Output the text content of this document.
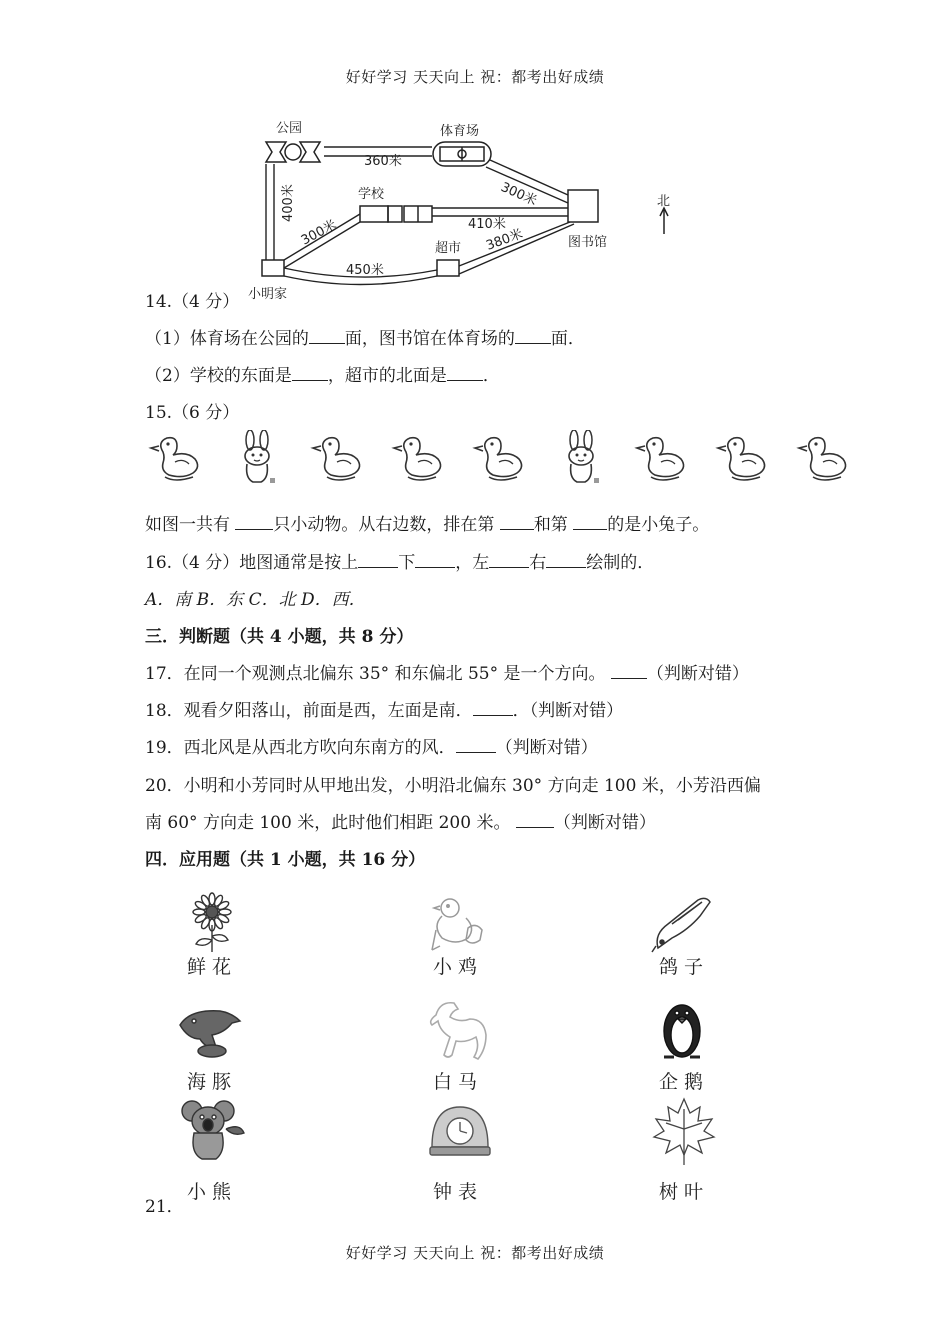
好好学习 天天向上 祝：都考出好成绩
公园	体育场
学校
图书馆
超市
小明家
360米
300米
400米
300米	410米
380米
450米
北
14.（4 分）
（1）体育场在公园的 面，图书馆在体育场的 面．
（2）学校的东面是 ，超市的北面是 ．
15.（6 分）
如图一共有 只小动物。从右边数，排在第 和第 的是小兔子。
16.（4 分）地图通常是按上 下 ，左 右 绘制的．
A．南 B．东 C．北 D．西．
三．判断题（共 4 小题，共 8 分）
17．在同一个观测点北偏东 35° 和东偏北 55° 是一个方向。 （判断对错）
18．观看夕阳落山，前面是西，左面是南． ．（判断对错）
19．西北风是从西北方吹向东南方的风． （判断对错）
20．小明和小芳同时从甲地出发，小明沿北偏东 30° 方向走 100 米，小芳沿西偏
南 60° 方向走 100 米，此时他们相距 200 米。	（判断对错）
四．应用题（共 1 小题，共 16 分）
鲜花	小鸡	鸽子
海豚	白马	企鹅
小熊	钟表	树叶
21．
好好学习 天天向上 祝：都考出好成绩
